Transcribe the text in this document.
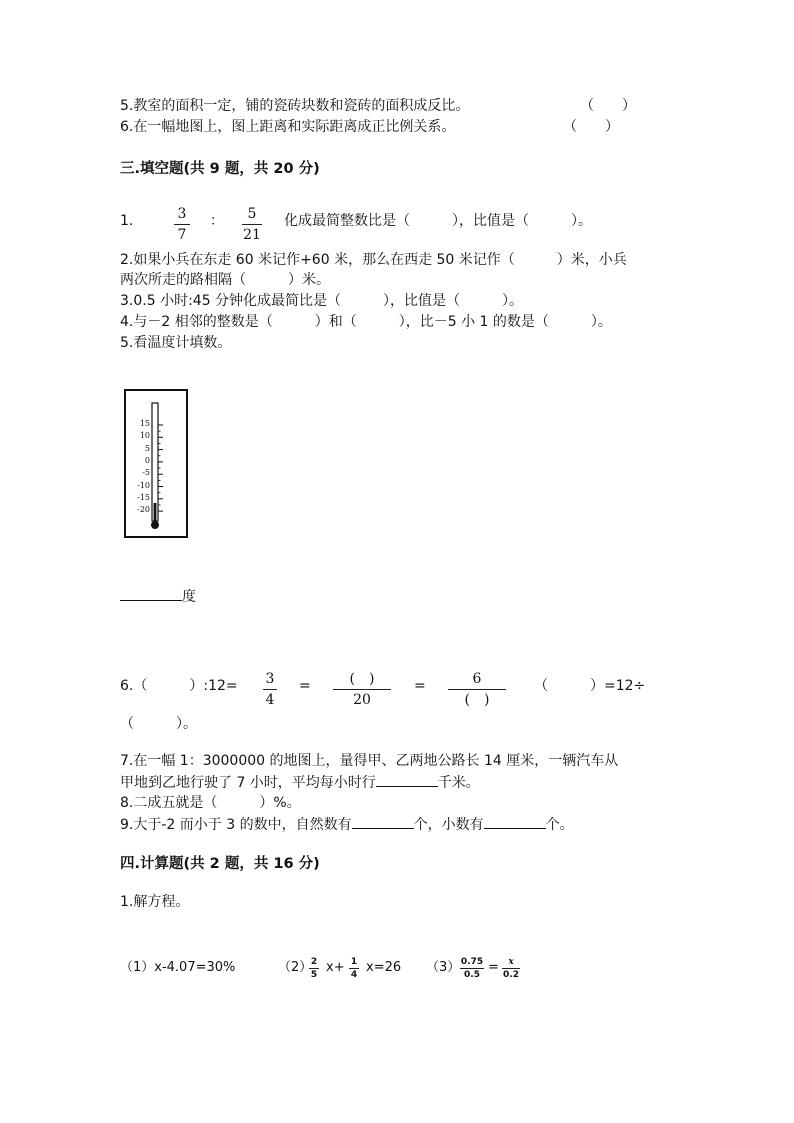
5.教室的面积一定，铺的瓷砖块数和瓷砖的面积成反比。	（　　）
6.在一幅地图上，图上距离和实际距离成正比例关系。	（　　）
三.填空题(共 9 题，共 20 分)
1.	3
7
：	5
21
化成最简整数比是（　　　），比值是（　　　）。
2.如果小兵在东走 60 米记作+60 米，那么在西走 50 米记作（　　　）米，小兵
两次所走的路相隔（　　　）米。
3.0.5 小时:45 分钟化成最简比是（　　　），比值是（　　　）。
4.与－2 相邻的整数是（　　　）和（　　　），比－5 小 1 的数是（　　　）。
5.看温度计填数。
15
10
5
0
-5
-10
-15
-20
度
6.（　　　）:12= 3
4
=	(　)
20
=	6
(　)
（　　　）=12÷
（　　　）。
7.在一幅 1：3000000 的地图上，量得甲、乙两地公路长 14 厘米，一辆汽车从
甲地到乙地行驶了 7 小时，平均每小时行	千米。
8.二成五就是（　　　）%。
9.大于-2 而小于 3 的数中，自然数有	个，小数有	个。
四.计算题(共 2 题，共 16 分)
1.解方程。
（1）x-4.07=30%	（2）
2
5 x+ 1
4 x=26 （3） 0.75
0.5 =	x
0.2
